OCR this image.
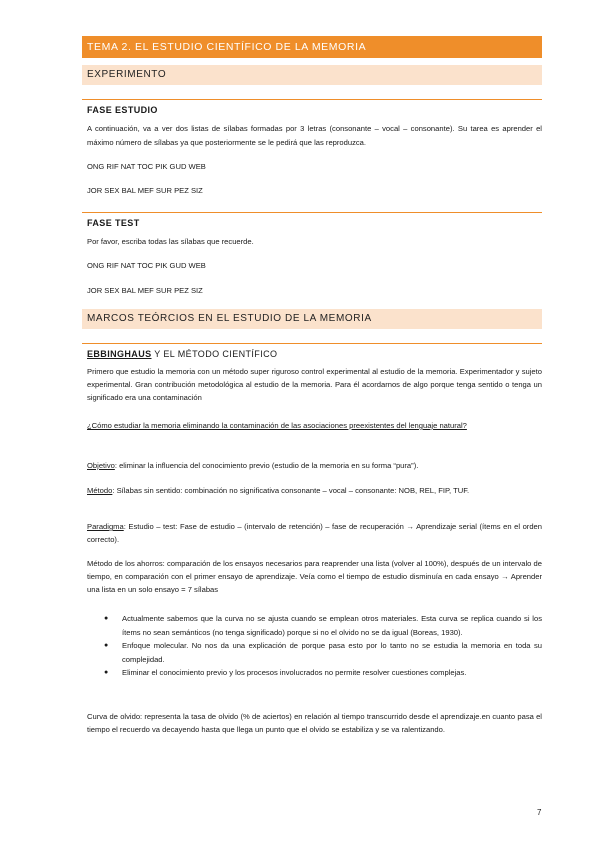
TEMA 2. EL ESTUDIO CIENTÍFICO DE LA MEMORIA
EXPERIMENTO
FASE ESTUDIO
A continuación, va a ver dos listas de sílabas formadas por 3 letras (consonante – vocal – consonante). Su tarea es aprender el máximo número de sílabas ya que posteriormente se le pedirá que las reproduzca.
ONG RIF NAT TOC PIK GUD WEB
JOR SEX BAL MEF SUR PEZ SIZ
FASE TEST
Por favor, escriba todas las sílabas que recuerde.
ONG RIF NAT TOC PIK GUD WEB
JOR SEX BAL MEF SUR PEZ SIZ
MARCOS TEÓRCIOS EN EL ESTUDIO DE LA MEMORIA
EBBINGHAUS Y EL MÉTODO CIENTÍFICO
Primero que estudio la memoria con un método super riguroso control experimental al estudio de la memoria. Experimentador y sujeto experimental. Gran contribución metodológica al estudio de la memoria. Para él acordarnos de algo porque tenga sentido o tenga un significado era una contaminación
¿Cómo estudiar la memoria eliminando la contaminación de las asociaciones preexistentes del lenguaje natural?
Objetivo: eliminar la influencia del conocimiento previo (estudio de la memoria en su forma “pura”).
Método: Sílabas sin sentido: combinación no significativa consonante – vocal – consonante: NOB, REL, FIP, TUF.
Paradigma: Estudio – test: Fase de estudio – (intervalo de retención) – fase de recuperación → Aprendizaje serial (ítems en el orden correcto).
Método de los ahorros: comparación de los ensayos necesarios para reaprender una lista (volver al 100%), después de un intervalo de tiempo, en comparación con el primer ensayo de aprendizaje. Veía como el tiempo de estudio disminuía en cada ensayo → Aprender una lista en un solo ensayo = 7 sílabas
● Actualmente sabemos que la curva no se ajusta cuando se emplean otros materiales. Esta curva se replica cuando si los ítems no sean semánticos (no tenga significado) porque si no el olvido no se da igual (Boreas, 1930).
● Enfoque molecular. No nos da una explicación de porque pasa esto por lo tanto no se estudia la memoria en toda su complejidad.
● Eliminar el conocimiento previo y los procesos involucrados no permite resolver cuestiones complejas.
Curva de olvido: representa la tasa de olvido (% de aciertos) en relación al tiempo transcurrido desde el aprendizaje.en cuanto pasa el tiempo el recuerdo va decayendo hasta que llega un punto que el olvido se estabiliza y se va ralentizando.
7
